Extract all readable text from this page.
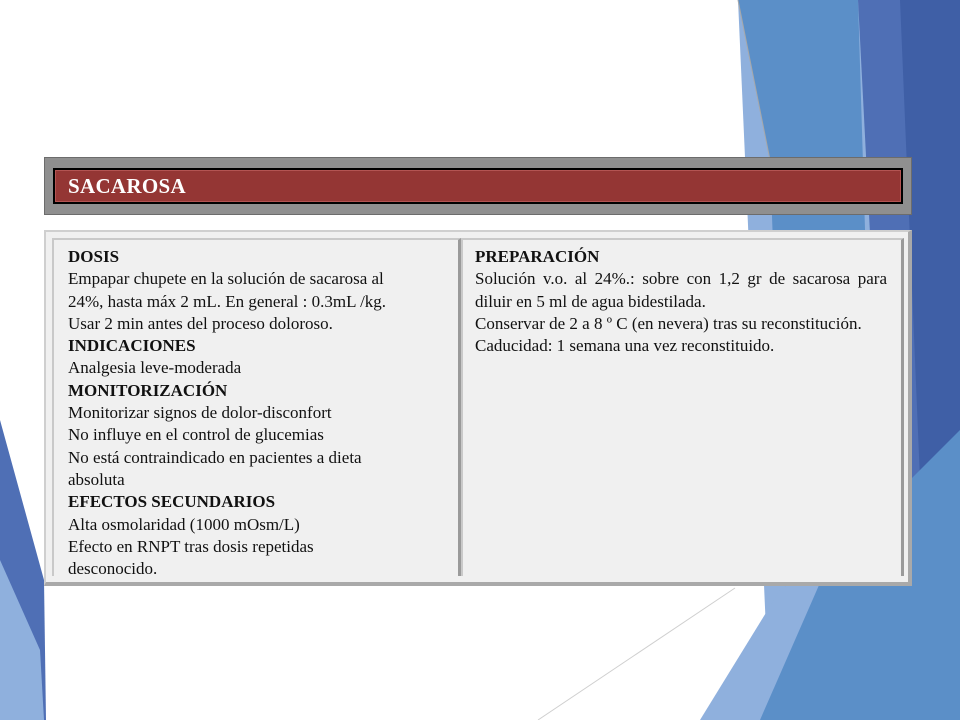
SACAROSA
DOSIS
Empapar chupete en la solución de sacarosa al
24%, hasta máx 2 mL. En general : 0.3mL /kg.
Usar 2 min antes del proceso doloroso.
INDICACIONES
Analgesia leve-moderada
MONITORIZACIÓN
Monitorizar signos de dolor-disconfort
No influye en el control de glucemias
No está contraindicado en pacientes a dieta
absoluta
EFECTOS SECUNDARIOS
Alta osmolaridad (1000 mOsm/L)
Efecto en RNPT tras dosis repetidas
desconocido.
PREPARACIÓN
Solución v.o. al 24%.: sobre con 1,2 gr de sacarosa para diluir en 5 ml de agua bidestilada.
Conservar de 2 a 8 º C (en nevera) tras su reconstitución.
Caducidad: 1 semana una vez reconstituido.
